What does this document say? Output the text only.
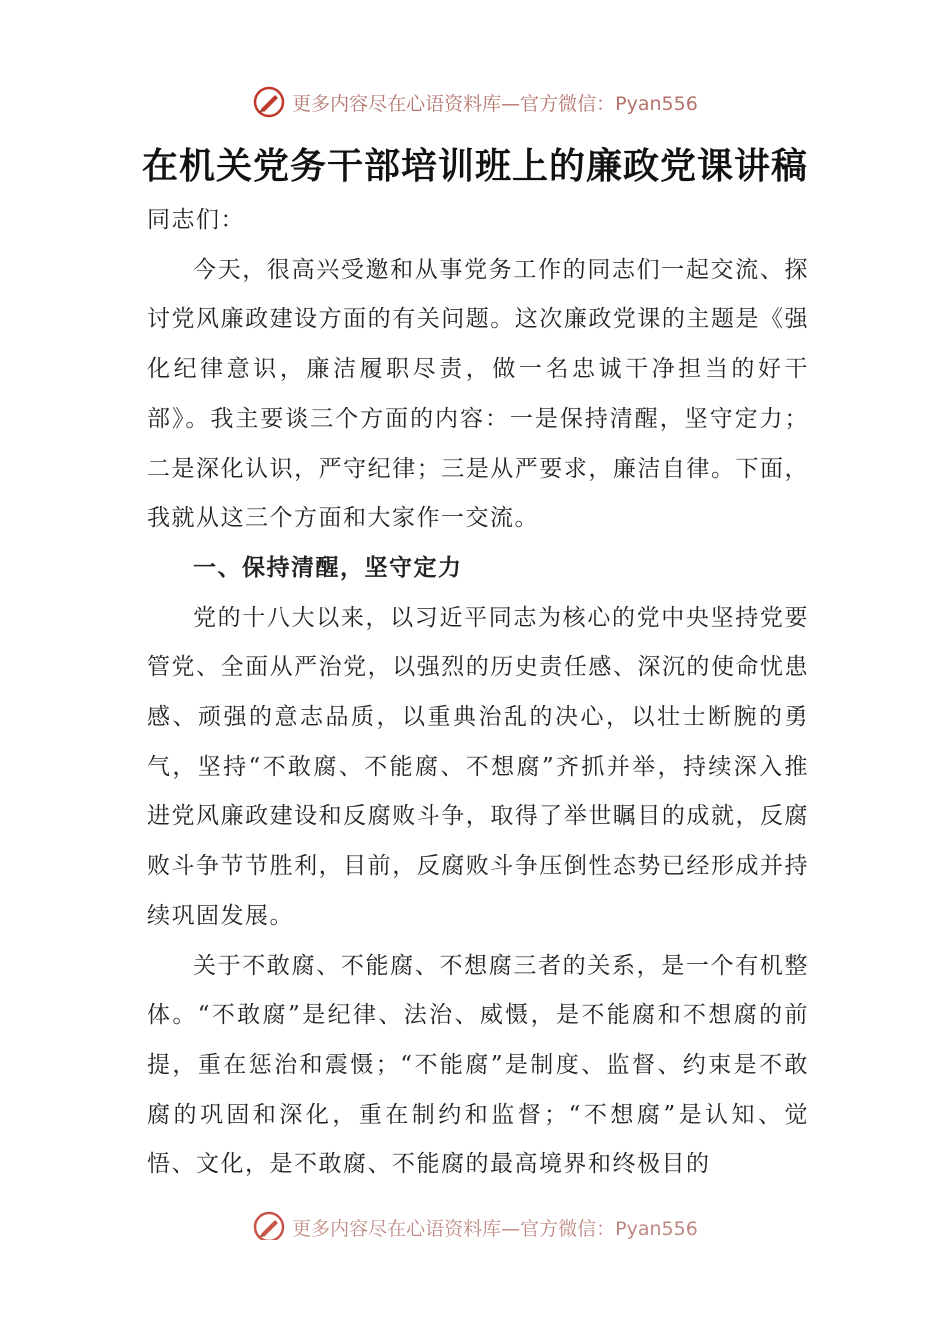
更多内容尽在心语资料库—官方微信：Pyan556
在机关党务干部培训班上的廉政党课讲稿

同志们：

今天，很高兴受邀和从事党务工作的同志们一起交流、探讨党风廉政建设方面的有关问题。这次廉政党课的主题是《强化纪律意识，廉洁履职尽责，做一名忠诚干净担当的好干部》。我主要谈三个方面的内容：一是保持清醒，坚守定力；二是深化认识，严守纪律；三是从严要求，廉洁自律。下面，我就从这三个方面和大家作一交流。

一、保持清醒，坚守定力

党的十八大以来，以习近平同志为核心的党中央坚持党要管党、全面从严治党，以强烈的历史责任感、深沉的使命忧患感、顽强的意志品质，以重典治乱的决心，以壮士断腕的勇气，坚持“不敢腐、不能腐、不想腐”齐抓并举，持续深入推进党风廉政建设和反腐败斗争，取得了举世瞩目的成就，反腐败斗争节节胜利，目前，反腐败斗争压倒性态势已经形成并持续巩固发展。

关于不敢腐、不能腐、不想腐三者的关系，是一个有机整体。“不敢腐”是纪律、法治、威慑，是不能腐和不想腐的前提，重在惩治和震慑；“不能腐”是制度、监督、约束是不敢腐的巩固和深化，重在制约和监督；“不想腐”是认知、觉悟、文化，是不敢腐、不能腐的最高境界和终极目的

更多内容尽在心语资料库—官方微信：Pyan556
